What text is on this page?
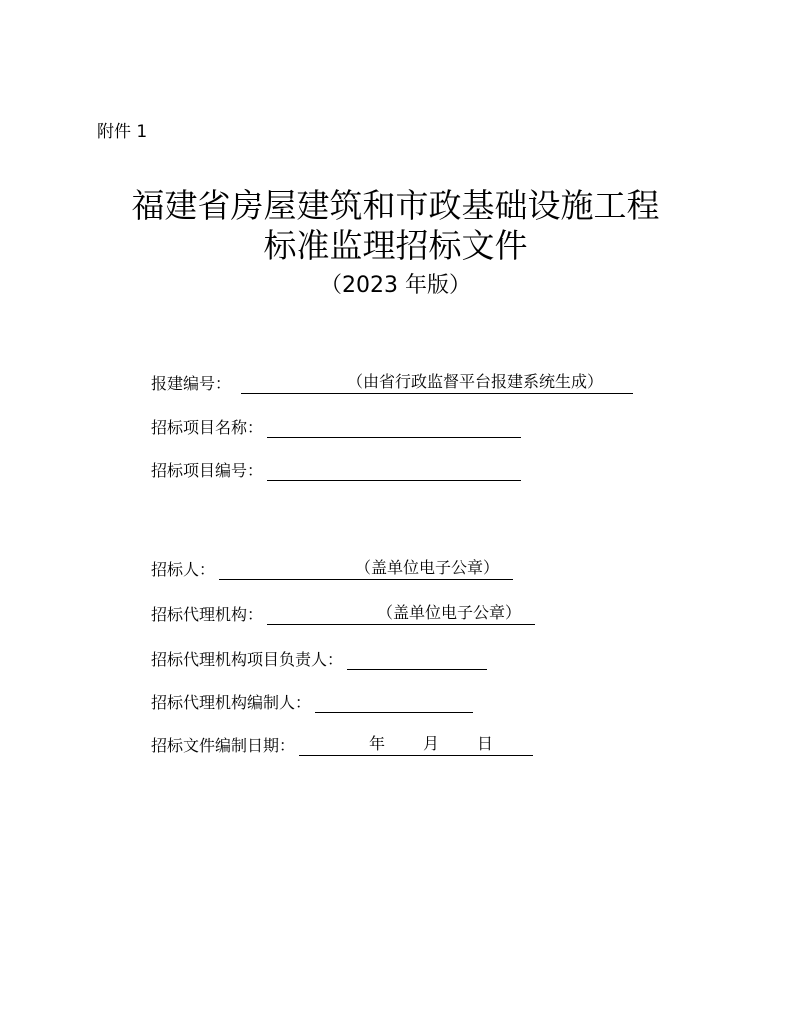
附件 1
福建省房屋建筑和市政基础设施工程
标准监理招标文件
（2023 年版）
报建编号：	（由省行政监督平台报建系统生成）
招标项目名称：
招标项目编号：
招标人：	（盖单位电子公章）
招标代理机构：	（盖单位电子公章）
招标代理机构项目负责人：
招标代理机构编制人：
招标文件编制日期：	年 月 日
